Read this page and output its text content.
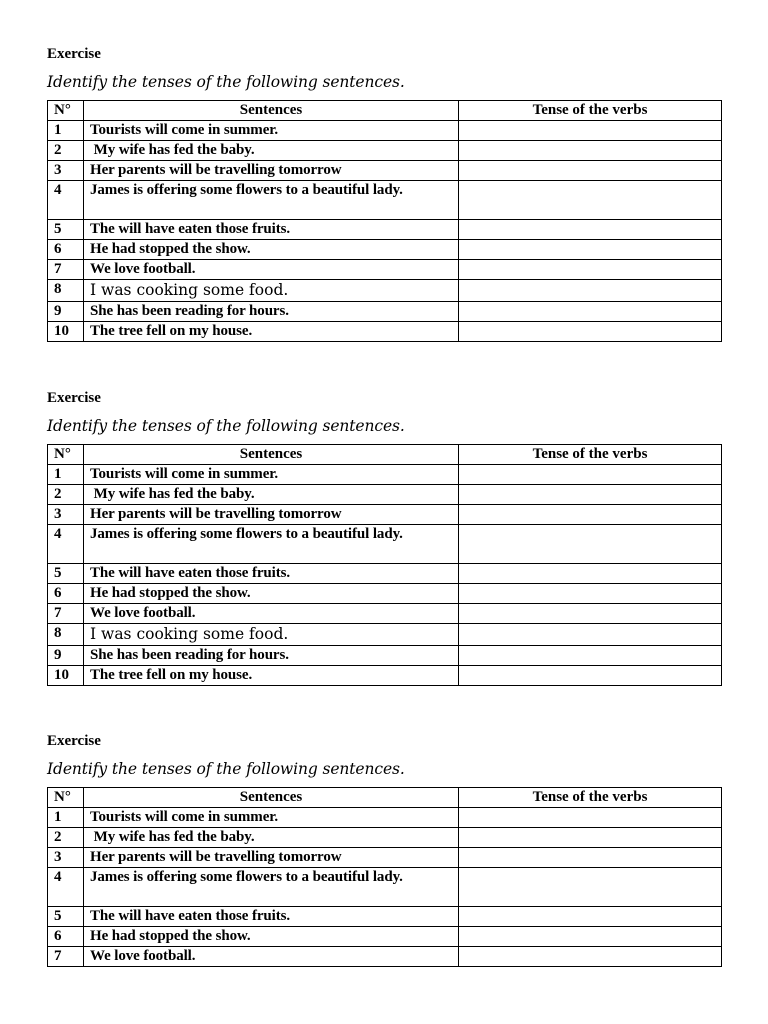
Exercise
Identify the tenses of the following sentences.
N°	Sentences	Tense of the verbs
1	Tourists will come in summer.	
2	My wife has fed the baby.	
3	Her parents will be travelling tomorrow	
4	James is offering some flowers to a beautiful lady.	
5	The will have eaten those fruits.	
6	He had stopped the show.	
7	We love football.	
8	I was cooking some food.	
9	She has been reading for hours.	
10	The tree fell on my house.	
Exercise
Identify the tenses of the following sentences.
N°	Sentences	Tense of the verbs
1	Tourists will come in summer.	
2	My wife has fed the baby.	
3	Her parents will be travelling tomorrow	
4	James is offering some flowers to a beautiful lady.	
5	The will have eaten those fruits.	
6	He had stopped the show.	
7	We love football.	
8	I was cooking some food.	
9	She has been reading for hours.	
10	The tree fell on my house.	
Exercise
Identify the tenses of the following sentences.
N°	Sentences	Tense of the verbs
1	Tourists will come in summer.	
2	My wife has fed the baby.	
3	Her parents will be travelling tomorrow	
4	James is offering some flowers to a beautiful lady.	
5	The will have eaten those fruits.	
6	He had stopped the show.	
7	We love football.	
